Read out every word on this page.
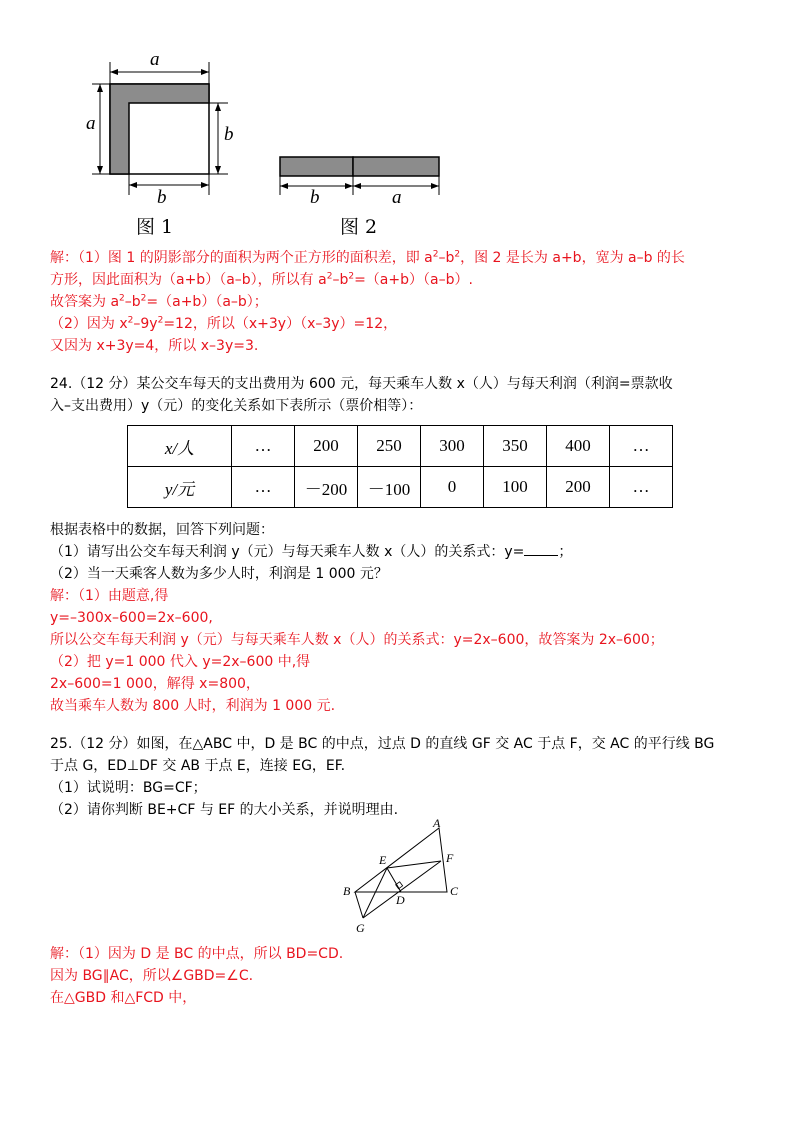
a
a
b
b
图 1
b	a
图 2
解：（1）图 1 的阴影部分的面积为两个正方形的面积差，即 $a^2-b^2$，图 2 是长为 a+b，宽为 a–b 的长
方形，因此面积为（a+b）（a–b），所以有 $a^2-b^2=(a+b)(a-b)$.
故答案为 $a^2-b^2=(a+b)(a-b)$；
（2）因为 $x^2-9y^2=12$，所以（x+3y）（x–3y）=12，
又因为 x+3y=4，所以 x–3y=3.
24.（12 分）某公交车每天的支出费用为 600 元，每天乘车人数 x（人）与每天利润（利润=票款收
入–支出费用）y（元）的变化关系如下表所示（票价相等）：
x/人	…	200	250	300	350	400	…
y/元	…	－200	－100	0	100	200	…
根据表格中的数据，回答下列问题：
（1）请写出公交车每天利润 y（元）与每天乘车人数 x（人）的关系式：y= ；
（2）当一天乘客人数为多少人时，利润是 1 000 元？
解：（1）由题意,得
y=–300x–600=2x–600,
所以公交车每天利润 y（元）与每天乘车人数 x（人）的关系式：y=2x–600，故答案为 2x–600；
（2）把 y=1 000 代入 y=2x–600 中,得
2x–600=1 000，解得 x=800，
故当乘车人数为 800 人时，利润为 1 000 元.
25.（12 分）如图，在△ABC 中，D 是 BC 的中点，过点 D 的直线 GF 交 AC 于点 F，交 AC 的平行线 BG
于点 G，ED⊥DF 交 AB 于点 E，连接 EG，EF.
（1）试说明：BG=CF；
（2）请你判断 BE+CF 与 EF 的大小关系，并说明理由.
A
B	C
D
E	F
G
解：（1）因为 D 是 BC 的中点，所以 BD=CD.
因为 BG∥AC，所以∠GBD=∠C.
在△GBD 和△FCD 中，
